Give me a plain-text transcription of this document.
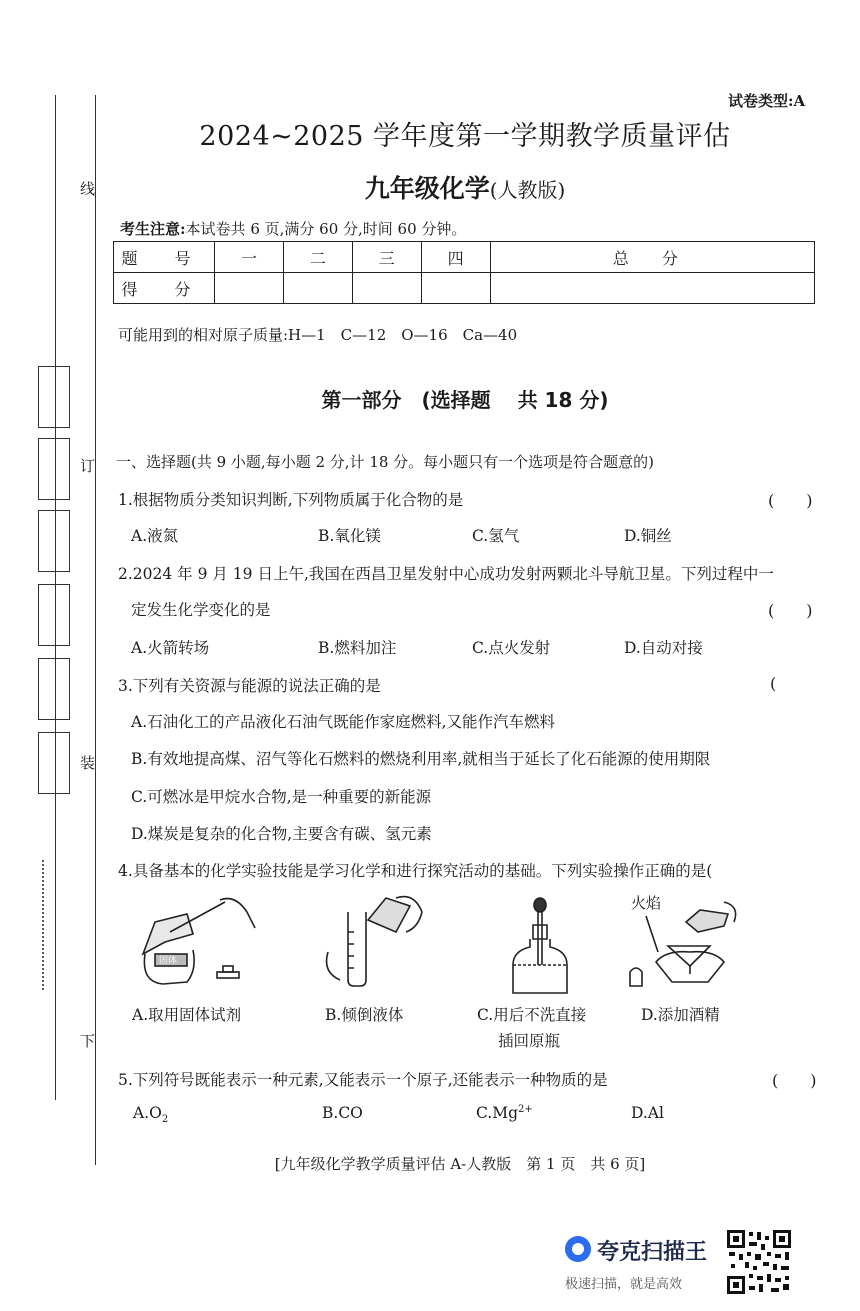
线
订
装
下
试卷类型:A
2024~2025 学年度第一学期教学质量评估
九年级化学(人教版)
考生注意:本试卷共 6 页,满分 60 分,时间 60 分钟。
题 号	一	二	三	四	总 分
得 分					
可能用到的相对原子质量:H—1　C—12　O—16　Ca—40
第一部分　(选择题　 共 18 分)
一、选择题(共 9 小题,每小题 2 分,计 18 分。每小题只有一个选项是符合题意的)
1.根据物质分类知识判断,下列物质属于化合物的是	(　　)
A.液氮	B.氧化镁	C.氢气	D.铜丝
2.2024 年 9 月 19 日上午,我国在西昌卫星发射中心成功发射两颗北斗导航卫星。下列过程中一
定发生化学变化的是	(　　)
A.火箭转场	B.燃料加注	C.点火发射	D.自动对接
3.下列有关资源与能源的说法正确的是	(
A.石油化工的产品液化石油气既能作家庭燃料,又能作汽车燃料
B.有效地提高煤、沼气等化石燃料的燃烧利用率,就相当于延长了化石能源的使用期限
C.可燃冰是甲烷水合物,是一种重要的新能源
D.煤炭是复杂的化合物,主要含有碳、氢元素
4.具备基本的化学实验技能是学习化学和进行探究活动的基础。下列实验操作正确的是(
固体
火焰
A.取用固体试剂	B.倾倒液体	C.用后不洗直接
插回原瓶
D.添加酒精
5.下列符号既能表示一种元素,又能表示一个原子,还能表示一种物质的是	(　　)
$A.O_2$	B.CO	$C.Mg^{2+}$	D.Al
[九年级化学教学质量评估 A-人教版　第 1 页　共 6 页]
夸克扫描王
极速扫描，就是高效
